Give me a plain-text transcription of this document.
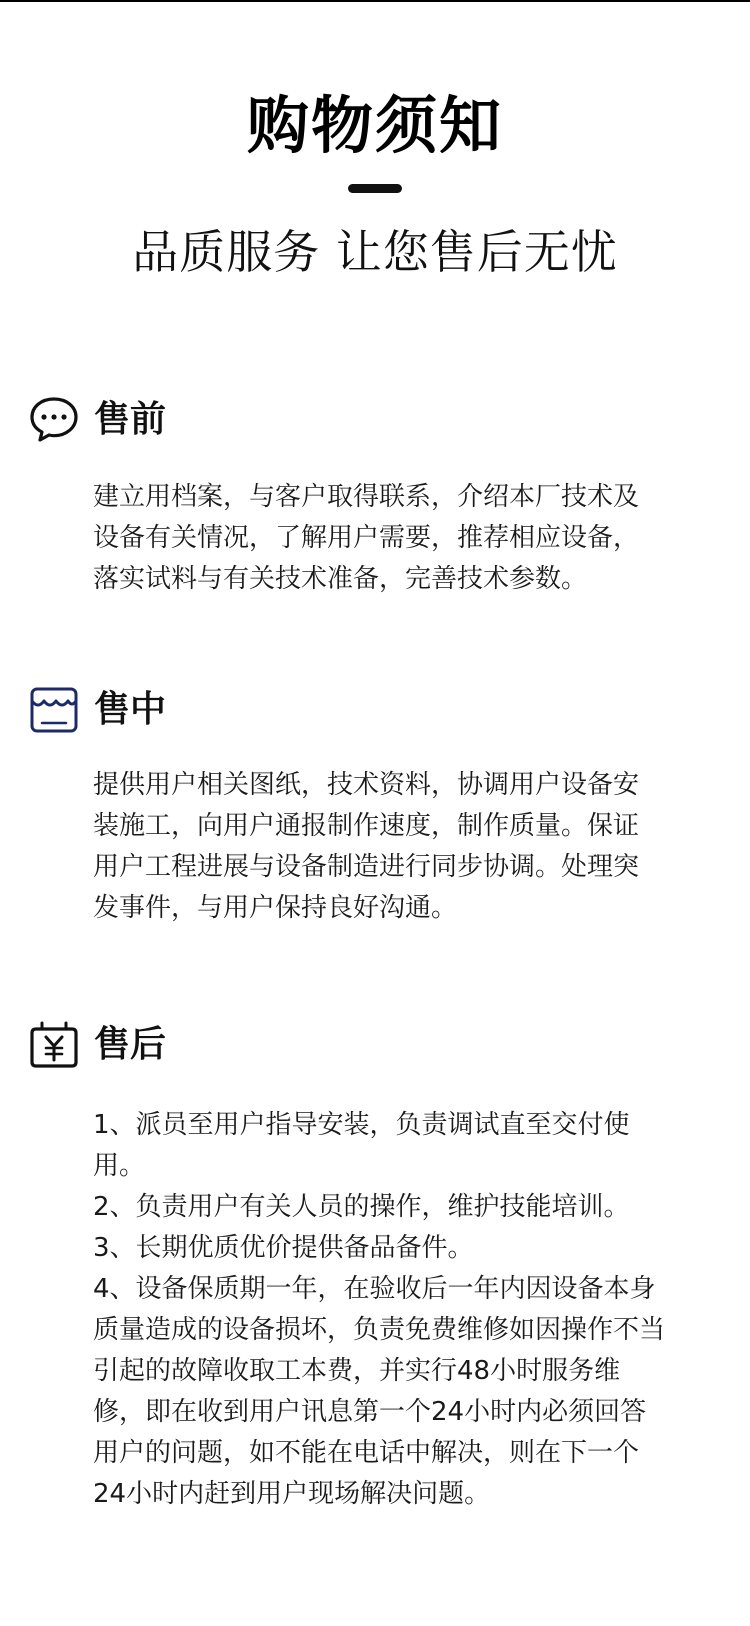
购物须知
品质服务 让您售后无忧
售前

建立用档案，与客户取得联系，介绍本厂技术及设备有关情况，了解用户需要，推荐相应设备，落实试料与有关技术准备，完善技术参数。

售中

提供用户相关图纸，技术资料，协调用户设备安装施工，向用户通报制作速度，制作质量。保证用户工程进展与设备制造进行同步协调。处理突发事件，与用户保持良好沟通。

售后

1、派员至用户指导安装，负责调试直至交付使用。

2、负责用户有关人员的操作，维护技能培训。

3、长期优质优价提供备品备件。

4、设备保质期一年，在验收后一年内因设备本身质量造成的设备损坏，负责免费维修如因操作不当引起的故障收取工本费，并实行48小时服务维修，即在收到用户讯息第一个24小时内必须回答用户的问题，如不能在电话中解决，则在下一个24小时内赶到用户现场解决问题。
